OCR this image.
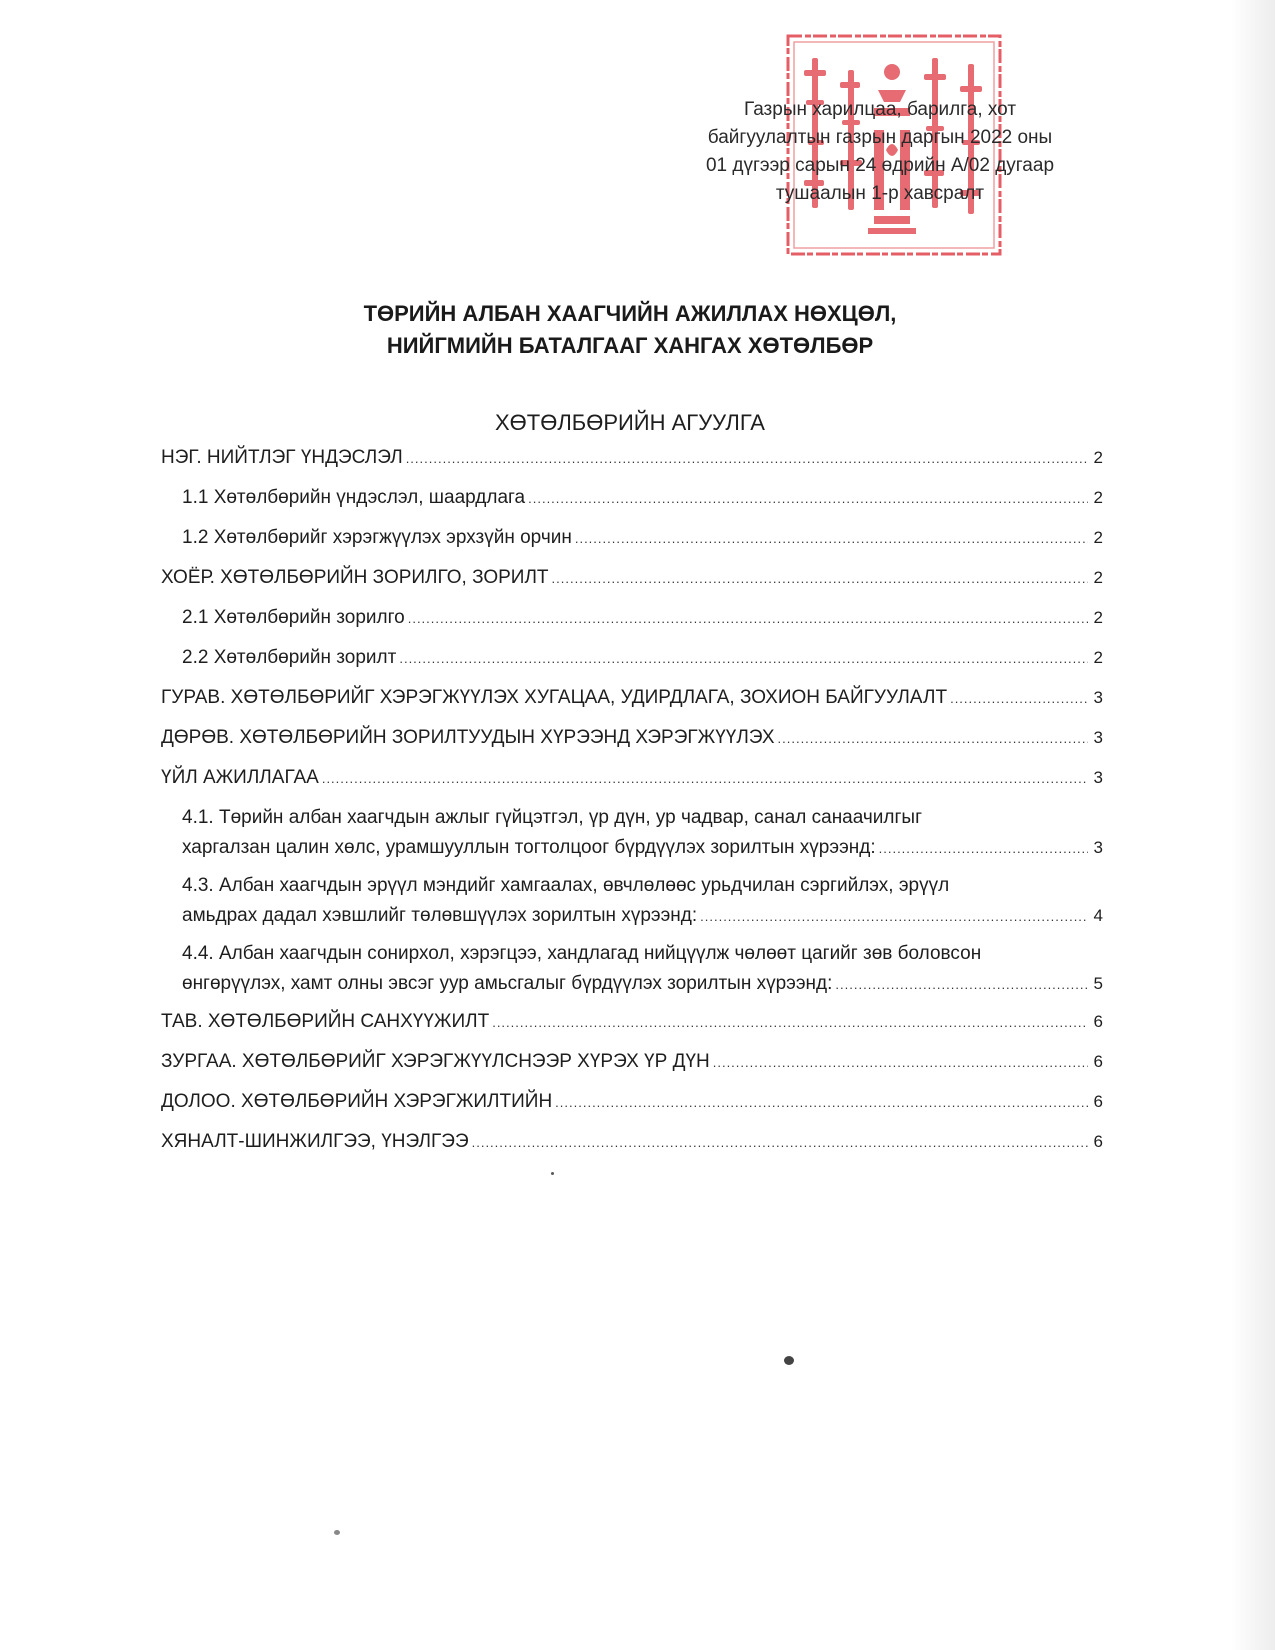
Газрын харилцаа, барилга, хот
байгуулалтын газрын даргын 2022 оны
01 дүгээр сарын 24 өдрийн А/02 дугаар
тушаалын 1-р хавсралт
ТӨРИЙН АЛБАН ХААГЧИЙН АЖИЛЛАХ НӨХЦӨЛ,
НИЙГМИЙН БАТАЛГААГ ХАНГАХ ХӨТӨЛБӨР
ХӨТӨЛБӨРИЙН АГУУЛГА
НЭГ. НИЙТЛЭГ ҮНДЭСЛЭЛ .....	2
1.1 Хөтөлбөрийн үндэслэл, шаардлага .....	2
1.2 Хөтөлбөрийг хэрэгжүүлэх эрхзүйн орчин .....	2
ХОЁР. ХӨТӨЛБӨРИЙН ЗОРИЛГО, ЗОРИЛТ .....	2
2.1 Хөтөлбөрийн зорилго .....	2
2.2 Хөтөлбөрийн зорилт .....	2
ГУРАВ. ХӨТӨЛБӨРИЙГ ХЭРЭГЖҮҮЛЭХ ХУГАЦАА, УДИРДЛАГА, ЗОХИОН БАЙГУУЛАЛТ .....	3
ДӨРӨВ. ХӨТӨЛБӨРИЙН ЗОРИЛТУУДЫН ХҮРЭЭНД ХЭРЭГЖҮҮЛЭХ .....	3
ҮЙЛ АЖИЛЛАГАА .....	3
4.1. Төрийн албан хаагчдын ажлыг гүйцэтгэл, үр дүн, ур чадвар, санал санаачилгыг
харгалзан цалин хөлс, урамшууллын тогтолцоог бүрдүүлэх зорилтын хүрээнд: .....	3
4.3. Албан хаагчдын эрүүл мэндийг хамгаалах, өвчлөлөөс урьдчилан сэргийлэх, эрүүл
амьдрах дадал хэвшлийг төлөвшүүлэх зорилтын хүрээнд: .....	4
4.4. Албан хаагчдын сонирхол, хэрэгцээ, хандлагад нийцүүлж чөлөөт цагийг зөв боловсон
өнгөрүүлэх, хамт олны эвсэг уур амьсгалыг бүрдүүлэх зорилтын хүрээнд: .....	5
ТАВ. ХӨТӨЛБӨРИЙН САНХҮҮЖИЛТ .....	6
ЗУРГАА. ХӨТӨЛБӨРИЙГ ХЭРЭГЖҮҮЛСНЭЭР ХҮРЭХ ҮР ДҮН .....	6
ДОЛОО. ХӨТӨЛБӨРИЙН ХЭРЭГЖИЛТИЙН .....	6
ХЯНАЛТ-ШИНЖИЛГЭЭ, ҮНЭЛГЭЭ .....	6
